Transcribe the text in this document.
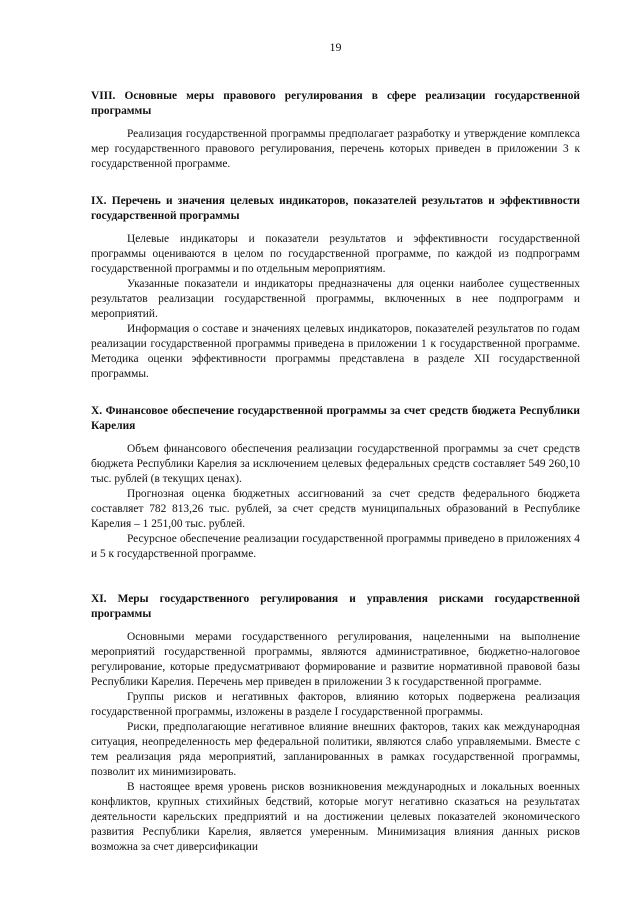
19

VIII. Основные меры правового регулирования в сфере реализации государственной программы

Реализация государственной программы предполагает разработку и утверждение комплекса мер государственного правового регулирования, перечень которых приведен в приложении 3 к государственной программе.

IX. Перечень и значения целевых индикаторов, показателей результатов и эффективности государственной программы

Целевые индикаторы и показатели результатов и эффективности государственной программы оцениваются в целом по государственной программе, по каждой из подпрограмм государственной программы и по отдельным мероприятиям.

Указанные показатели и индикаторы предназначены для оценки наиболее существенных результатов реализации государственной программы, включенных в нее подпрограмм и мероприятий.

Информация о составе и значениях целевых индикаторов, показателей результатов по годам реализации государственной программы приведена в приложении 1 к государственной программе. Методика оценки эффективности программы представлена в разделе XII государственной программы.

X. Финансовое обеспечение государственной программы за счет средств бюджета Республики Карелия

Объем финансового обеспечения реализации государственной программы за счет средств бюджета Республики Карелия за исключением целевых федеральных средств составляет 549 260,10 тыс. рублей (в текущих ценах).

Прогнозная оценка бюджетных ассигнований за счет средств федерального бюджета составляет 782 813,26 тыс. рублей, за счет средств муниципальных образований в Республике Карелия – 1 251,00 тыс. рублей.

Ресурсное обеспечение реализации государственной программы приведено в приложениях 4 и 5 к государственной программе.

XI. Меры государственного регулирования и управления рисками государственной программы

Основными мерами государственного регулирования, нацеленными на выполнение мероприятий государственной программы, являются административное, бюджетно-налоговое регулирование, которые предусматривают формирование и развитие нормативной правовой базы Республики Карелия. Перечень мер приведен в приложении 3 к государственной программе.

Группы рисков и негативных факторов, влиянию которых подвержена реализация государственной программы, изложены в разделе I государственной программы.

Риски, предполагающие негативное влияние внешних факторов, таких как международная ситуация, неопределенность мер федеральной политики, являются слабо управляемыми. Вместе с тем реализация ряда мероприятий, запланированных в рамках государственной программы, позволит их минимизировать.

В настоящее время уровень рисков возникновения международных и локальных военных конфликтов, крупных стихийных бедствий, которые могут негативно сказаться на результатах деятельности карельских предприятий и на достижении целевых показателей экономического развития Республики Карелия, является умеренным. Минимизация влияния данных рисков возможна за счет диверсификации
